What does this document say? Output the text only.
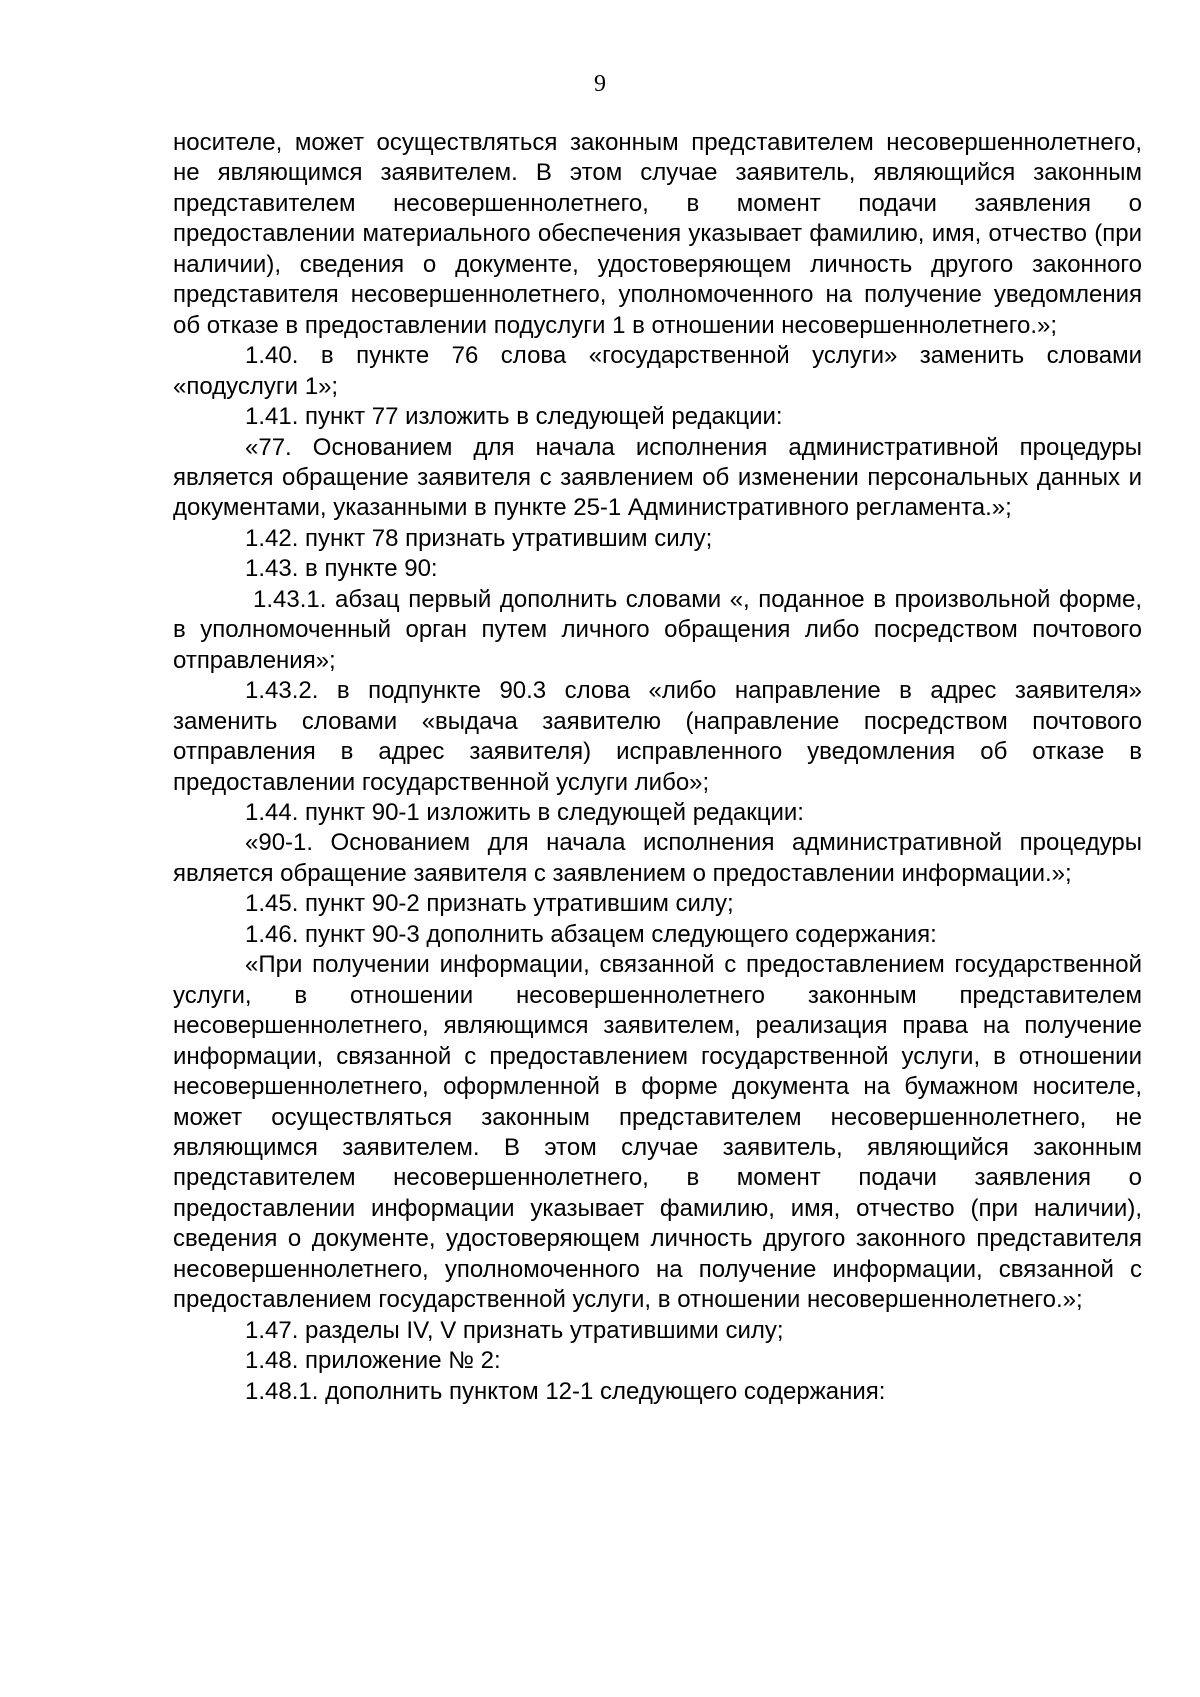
9

носителе, может осуществляться законным представителем несовершеннолетнего, не являющимся заявителем. В этом случае заявитель, являющийся законным представителем несовершеннолетнего, в момент подачи заявления о предоставлении материального обеспечения указывает фамилию, имя, отчество (при наличии), сведения о документе, удостоверяющем личность другого законного представителя несовершеннолетнего, уполномоченного на получение уведомления об отказе в предоставлении подуслуги 1 в отношении несовершеннолетнего.»;

1.40. в пункте 76 слова «государственной услуги» заменить словами «подуслуги 1»;

1.41. пункт 77 изложить в следующей редакции:

«77. Основанием для начала исполнения административной процедуры является обращение заявителя с заявлением об изменении персональных данных и документами, указанными в пункте 25-1 Административного регламента.»;

1.42. пункт 78 признать утратившим силу;

1.43. в пункте 90:

1.43.1. абзац первый дополнить словами «, поданное в произвольной форме, в уполномоченный орган путем личного обращения либо посредством почтового отправления»;

1.43.2. в подпункте 90.3 слова «либо направление в адрес заявителя» заменить словами «выдача заявителю (направление посредством почтового отправления в адрес заявителя) исправленного уведомления об отказе в предоставлении государственной услуги либо»;

1.44. пункт 90-1 изложить в следующей редакции:

«90-1. Основанием для начала исполнения административной процедуры является обращение заявителя с заявлением о предоставлении информации.»;

1.45. пункт 90-2 признать утратившим силу;

1.46. пункт 90-3 дополнить абзацем следующего содержания:

«При получении информации, связанной с предоставлением государственной услуги, в отношении несовершеннолетнего законным представителем несовершеннолетнего, являющимся заявителем, реализация права на получение информации, связанной с предоставлением государственной услуги, в отношении несовершеннолетнего, оформленной в форме документа на бумажном носителе, может осуществляться законным представителем несовершеннолетнего, не являющимся заявителем. В этом случае заявитель, являющийся законным представителем несовершеннолетнего, в момент подачи заявления о предоставлении информации указывает фамилию, имя, отчество (при наличии), сведения о документе, удостоверяющем личность другого законного представителя несовершеннолетнего, уполномоченного на получение информации, связанной с предоставлением государственной услуги, в отношении несовершеннолетнего.»;

1.47. разделы IV, V признать утратившими силу;

1.48. приложение № 2:

1.48.1. дополнить пунктом 12-1 следующего содержания:
